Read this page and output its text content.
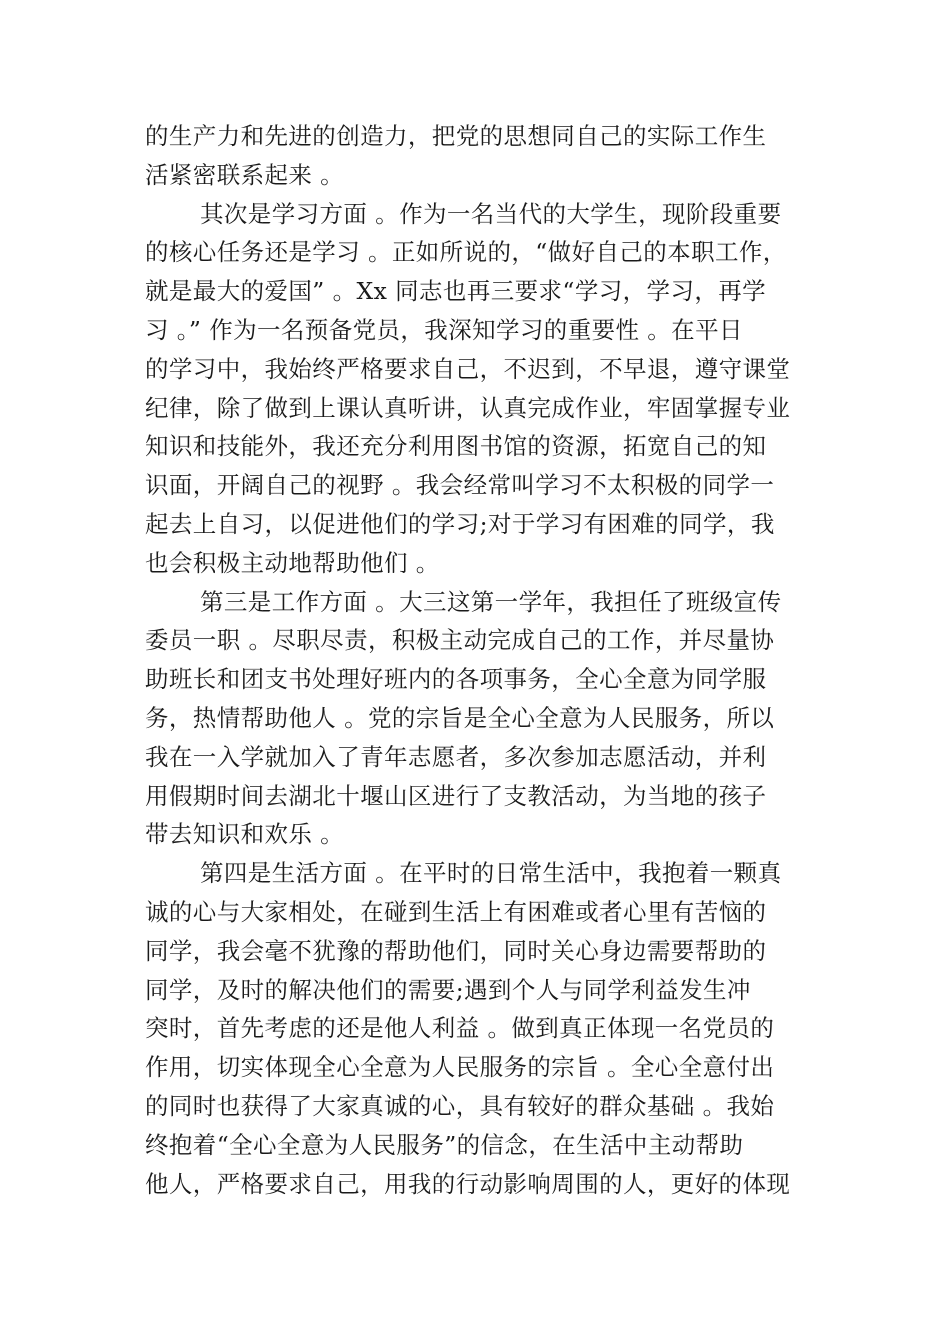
的生产力和先进的创造力，把党的思想同自己的实际工作生
活紧密联系起来 。
其次是学习方面 。作为一名当代的大学生，现阶段重要
的核心任务还是学习 。正如所说的，“做好自己的本职工作，
就是最大的爱国” 。Xx 同志也再三要求“学习，学习，再学
习 。” 作为一名预备党员，我深知学习的重要性 。在平日
的学习中，我始终严格要求自己，不迟到，不早退，遵守课堂
纪律，除了做到上课认真听讲，认真完成作业，牢固掌握专业
知识和技能外，我还充分利用图书馆的资源，拓宽自己的知
识面，开阔自己的视野 。我会经常叫学习不太积极的同学一
起去上自习，以促进他们的学习;对于学习有困难的同学，我
也会积极主动地帮助他们 。
第三是工作方面 。大三这第一学年，我担任了班级宣传
委员一职 。尽职尽责，积极主动完成自己的工作，并尽量协
助班长和团支书处理好班内的各项事务，全心全意为同学服
务，热情帮助他人 。党的宗旨是全心全意为人民服务，所以
我在一入学就加入了青年志愿者，多次参加志愿活动，并利
用假期时间去湖北十堰山区进行了支教活动，为当地的孩子
带去知识和欢乐 。
第四是生活方面 。在平时的日常生活中，我抱着一颗真
诚的心与大家相处，在碰到生活上有困难或者心里有苦恼的
同学，我会毫不犹豫的帮助他们，同时关心身边需要帮助的
同学，及时的解决他们的需要;遇到个人与同学利益发生冲
突时，首先考虑的还是他人利益 。做到真正体现一名党员的
作用，切实体现全心全意为人民服务的宗旨 。全心全意付出
的同时也获得了大家真诚的心，具有较好的群众基础 。我始
终抱着“全心全意为人民服务”的信念，在生活中主动帮助
他人，严格要求自己，用我的行动影响周围的人，更好的体现
